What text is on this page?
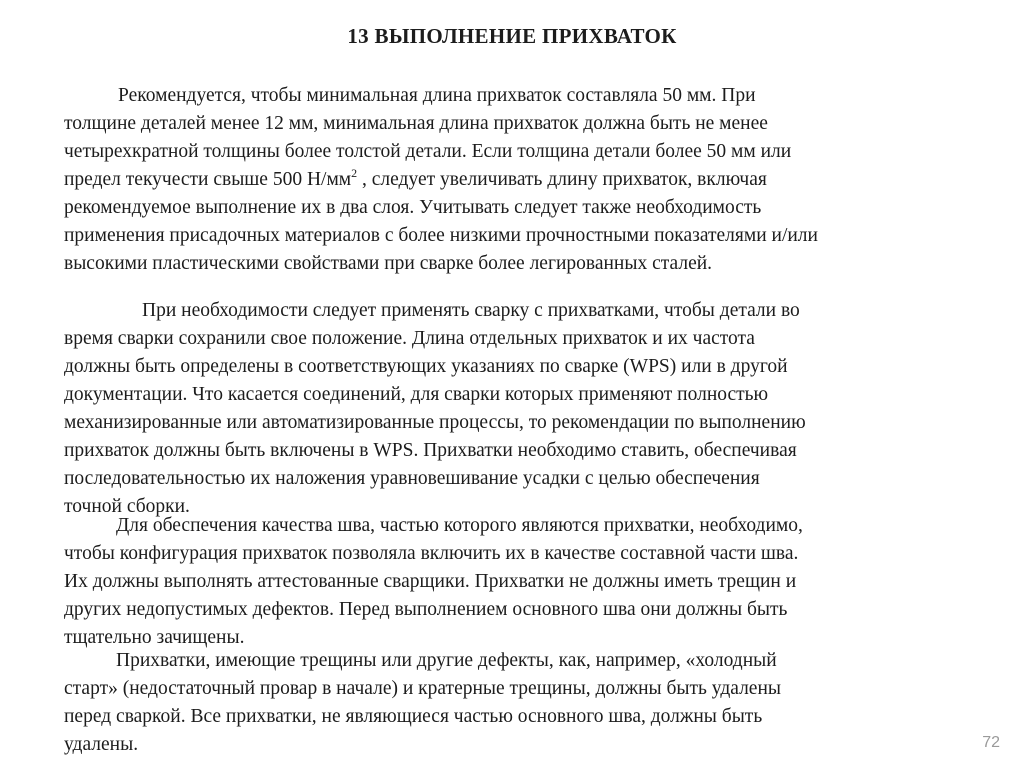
13 ВЫПОЛНЕНИЕ ПРИХВАТОК

Рекомендуется, чтобы минимальная длина прихваток составляла 50 мм. При
толщине деталей менее 12 мм, минимальная длина прихваток должна быть не менее
четырехкратной толщины более толстой детали. Если толщина детали более 50 мм или
предел текучести свыше 500 $Н/мм^2$ , следует увеличивать длину прихваток, включая
рекомендуемое выполнение их в два слоя. Учитывать следует также необходимость
применения присадочных материалов с более низкими прочностными показателями и/или
высокими пластическими свойствами при сварке более легированных сталей.

При необходимости следует применять сварку с прихватками, чтобы детали во
время сварки сохранили свое положение. Длина отдельных прихваток и их частота
должны быть определены в соответствующих указаниях по сварке (WPS) или в другой
документации. Что касается соединений, для сварки которых применяют полностью
механизированные или автоматизированные процессы, то рекомендации по выполнению
прихваток должны быть включены в WPS. Прихватки необходимо ставить, обеспечивая
последовательностью их наложения уравновешивание усадки с целью обеспечения
точной сборки.

Для обеспечения качества шва, частью которого являются прихватки, необходимо,
чтобы конфигурация прихваток позволяла включить их в качестве составной части шва.
Их должны выполнять аттестованные сварщики. Прихватки не должны иметь трещин и
других недопустимых дефектов. Перед выполнением основного шва они должны быть
тщательно зачищены.

Прихватки, имеющие трещины или другие дефекты, как, например, «холодный
старт» (недостаточный провар в начале) и кратерные трещины, должны быть удалены
перед сваркой. Все прихватки, не являющиеся частью основного шва, должны быть
удалены.	72
